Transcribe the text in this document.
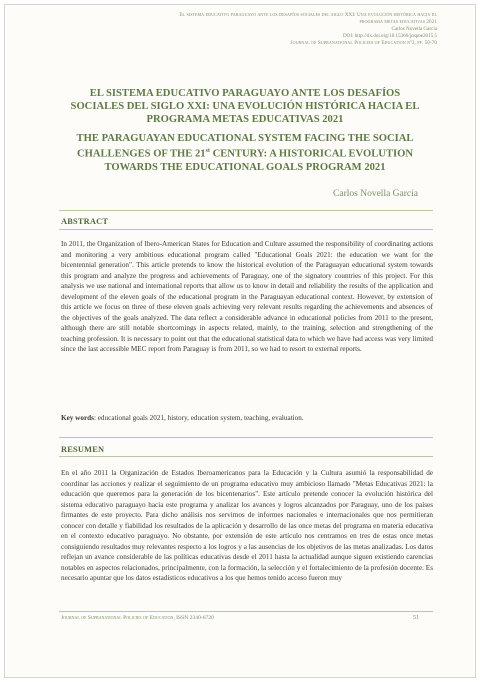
El sistema educativo paraguayo ante los desafíos sociales del siglo XXI: Una evolución histórica hacia el
programa metas educativas 2021
Carlos Novella García
DOI: http://dx.doi.org/10.15366/jospoe2015.5
Journal of Supranational Policies of Education nº3, pp. 50-70
EL SISTEMA EDUCATIVO PARAGUAYO ANTE LOS DESAFÍOS SOCIALES DEL SIGLO XXI: UNA EVOLUCIÓN HISTÓRICA HACIA EL PROGRAMA METAS EDUCATIVAS 2021
THE PARAGUAYAN EDUCATIONAL SYSTEM FACING THE SOCIAL CHALLENGES OF THE 21st CENTURY: A HISTORICAL EVOLUTION TOWARDS THE EDUCATIONAL GOALS PROGRAM 2021
Carlos Novella García
ABSTRACT
In 2011, the Organization of Ibero-American States for Education and Culture assumed the responsibility of coordinating actions and monitoring a very ambitious educational program called "Educational Goals 2021: the education we want for the bicentennial generation". This article pretends to know the historical evolution of the Paraguayan educational system towards this program and analyze the progress and achievements of Paraguay, one of the signatory countries of this project. For this analysis we use national and international reports that allow us to know in detail and reliability the results of the application and development of the eleven goals of the educational program in the Paraguayan educational context. However, by extension of this article we focus on three of these eleven goals achieving very relevant results regarding the achievements and absences of the objectives of the goals analyzed. The data reflect a considerable advance in educational policies from 2011 to the present, although there are still notable shortcomings in aspects related, mainly, to the training, selection and strengthening of the teaching profession. It is necessary to point out that the educational statistical data to which we have had access was very limited since the last accessible MEC report from Paraguay is from 2011, so we had to resort to external reports.
Key words: educational goals 2021, history, education system, teaching, evaluation.
RESUMEN
En el año 2011 la Organización de Estados Iberoamericanos para la Educación y la Cultura asumió la responsabilidad de coordinar las acciones y realizar el seguimiento de un programa educativo muy ambicioso llamado "Metas Educativas 2021: la educación que queremos para la generación de los bicentenarios". Este artículo pretende conocer la evolución histórica del sistema educativo paraguayo hacia este programa y analizar los avances y logros alcanzados por Paraguay, uno de los países firmantes de este proyecto. Para dicho análisis nos servimos de informes nacionales e internacionales que nos permitieran conocer con detalle y fiabilidad los resultados de la aplicación y desarrollo de las once metas del programa en materia educativa en el contexto educativo paraguayo. No obstante, por extensión de este artículo nos centramos en tres de estas once metas consiguiendo resultados muy relevantes respecto a los logros y a las ausencias de los objetivos de las metas analizadas. Los datos reflejan un avance considerable de las políticas educativas desde el 2011 hasta la actualidad aunque siguen existiendo carencias notables en aspectos relacionados, principalmente, con la formación, la selección y el fortalecimiento de la profesión docente. Es necesario apuntar que los datos estadísticos educativos a los que hemos tenido acceso fueron muy
Journal of Supranational Policies of Education, ISSN 2340-6720	51
